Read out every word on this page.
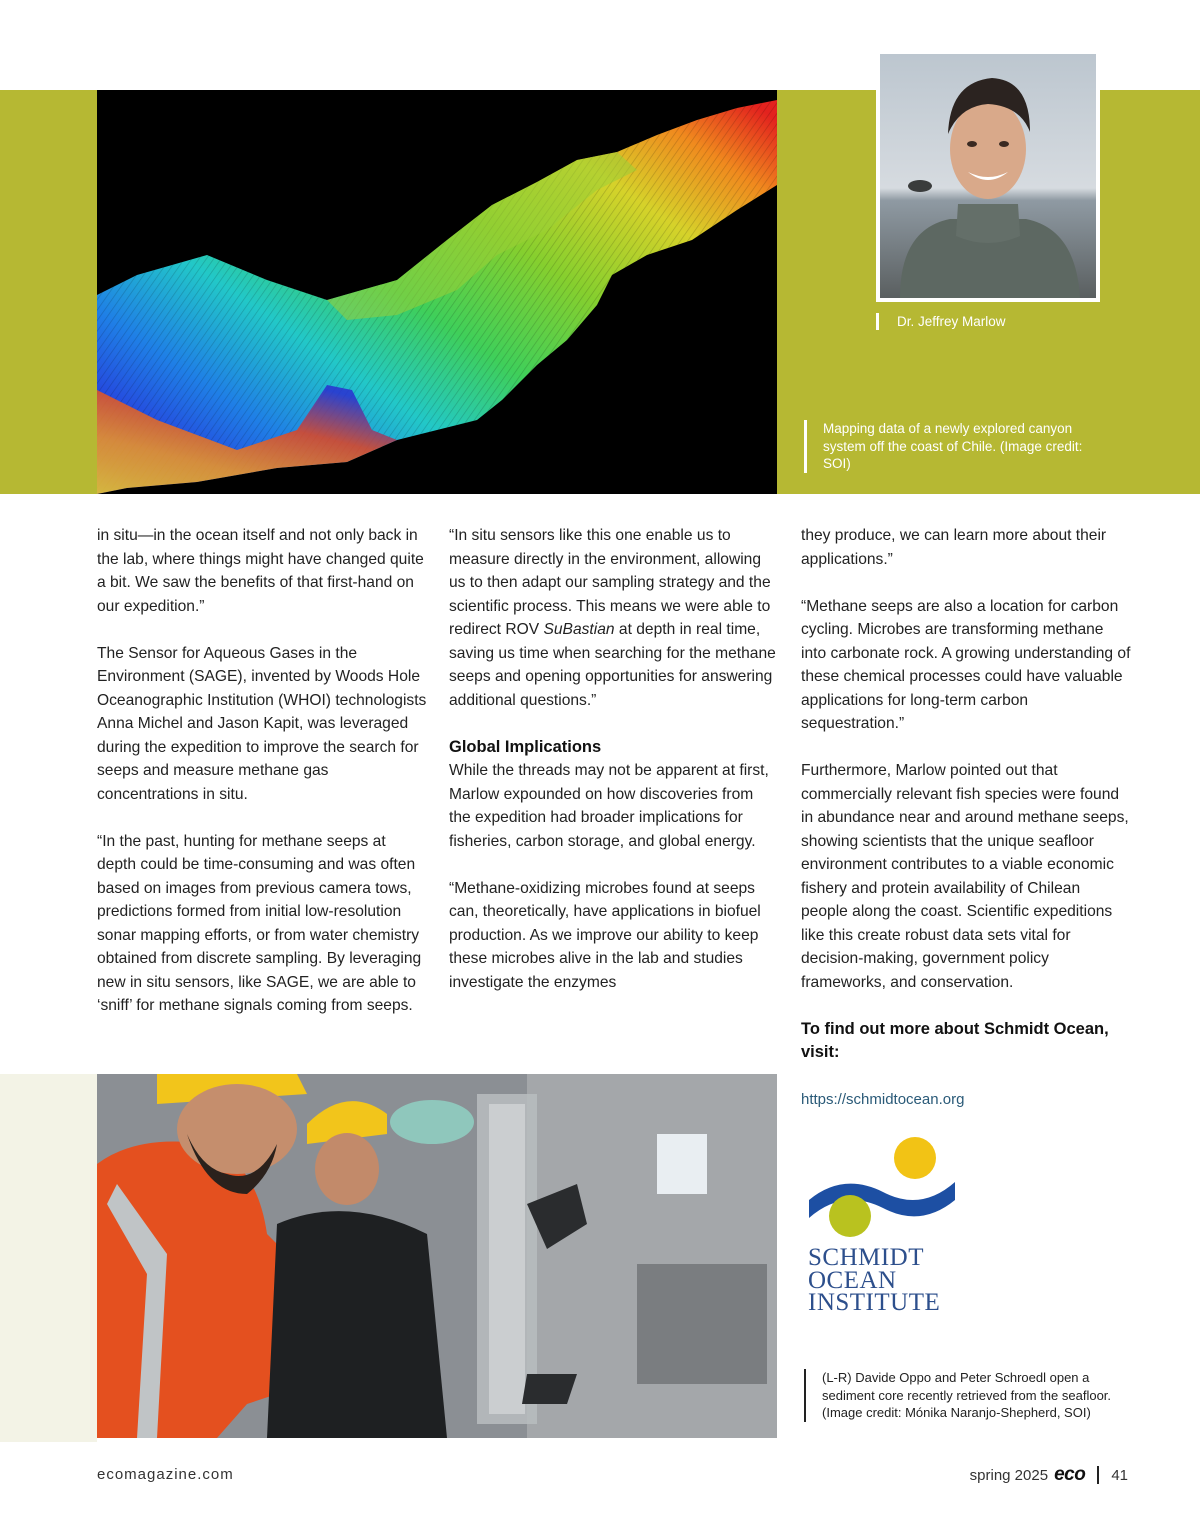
Dr. Jeffrey Marlow
Mapping data of a newly explored canyon system off the coast of Chile. (Image credit: SOI)

in situ—in the ocean itself and not only back in the lab, where things might have changed quite a bit. We saw the benefits of that first-hand on our expedition.”

The Sensor for Aqueous Gases in the Environment (SAGE), invented by Woods Hole Oceanographic Institution (WHOI) technologists Anna Michel and Jason Kapit, was leveraged during the expedition to improve the search for seeps and measure methane gas concentrations in situ.

“In the past, hunting for methane seeps at depth could be time-consuming and was often based on images from previous camera tows, predictions formed from initial low-resolution sonar mapping efforts, or from water chemistry obtained from discrete sampling. By leveraging new in situ sensors, like SAGE, we are able to ‘sniff’ for methane signals coming from seeps.

“In situ sensors like this one enable us to measure directly in the environment, allowing us to then adapt our sampling strategy and the scientific process. This means we were able to redirect ROV SuBastian at depth in real time, saving us time when searching for the methane seeps and opening opportunities for answering additional questions.”

Global Implications

While the threads may not be apparent at first, Marlow expounded on how discoveries from the expedition had broader implications for fisheries, carbon storage, and global energy.

“Methane-oxidizing microbes found at seeps can, theoretically, have applications in biofuel production. As we improve our ability to keep these microbes alive in the lab and studies investigate the enzymes

they produce, we can learn more about their applications.”

“Methane seeps are also a location for carbon cycling. Microbes are transforming methane into carbonate rock. A growing understanding of these chemical processes could have valuable applications for long-term carbon sequestration.”

Furthermore, Marlow pointed out that commercially relevant fish species were found in abundance near and around methane seeps, showing scientists that the unique seafloor environment contributes to a viable economic fishery and protein availability of Chilean people along the coast. Scientific expeditions like this create robust data sets vital for decision-making, government policy frameworks, and conservation.

To find out more about Schmidt Ocean, visit:

https://schmidtocean.org
SCHMIDT
OCEAN
INSTITUTE
(L-R) Davide Oppo and Peter Schroedl open a sediment core recently retrieved from the seafloor. (Image credit: Mónika Naranjo-Shepherd, SOI)
ecomagazine.com	spring 2025 eco 41
